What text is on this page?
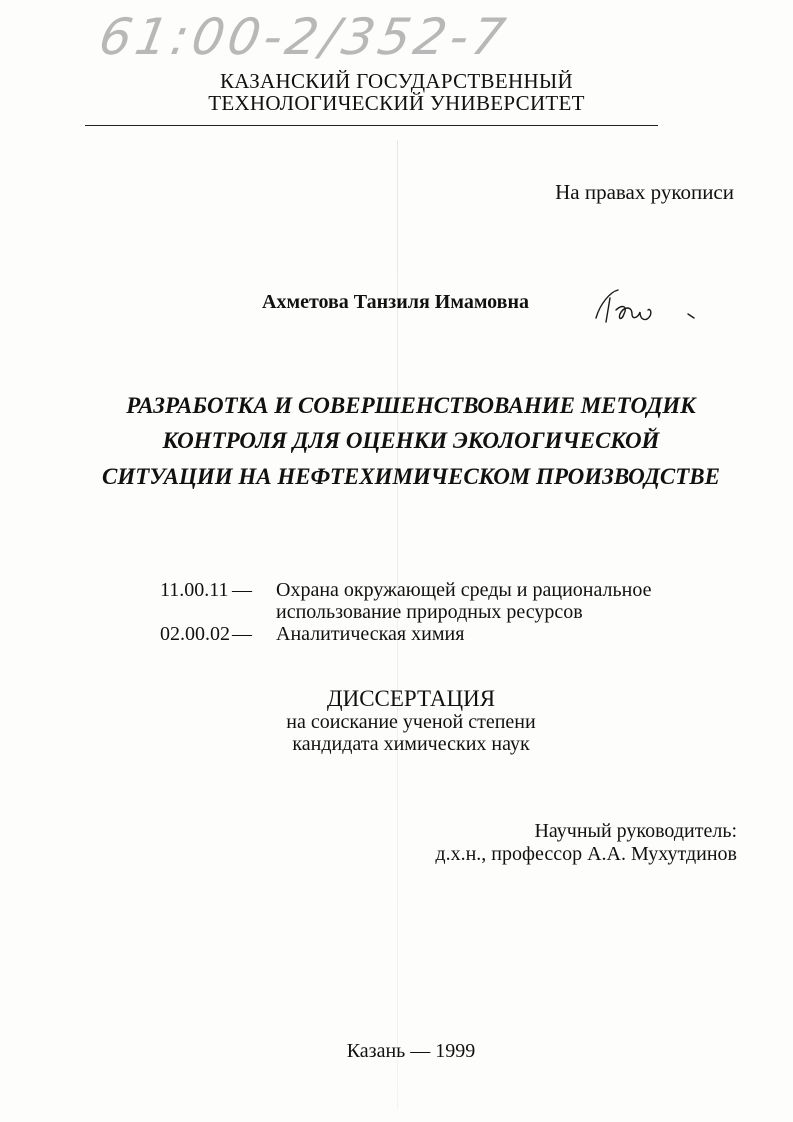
61:00-2/352-7
КАЗАНСКИЙ ГОСУДАРСТВЕННЫЙ
ТЕХНОЛОГИЧЕСКИЙ УНИВЕРСИТЕТ
На правах рукописи
Ахметова Танзиля Имамовна
РАЗРАБОТКА И СОВЕРШЕНСТВОВАНИЕ МЕТОДИК
КОНТРОЛЯ ДЛЯ ОЦЕНКИ ЭКОЛОГИЧЕСКОЙ
СИТУАЦИИ НА НЕФТЕХИМИЧЕСКОМ ПРОИЗВОДСТВЕ
11.00.11 — Охрана окружающей среды и рациональное
использование природных ресурсов
02.00.02 — Аналитическая химия
ДИССЕРТАЦИЯ
на соискание ученой степени
кандидата химических наук
Научный руководитель:
д.х.н., профессор А.А. Мухутдинов
Казань — 1999
